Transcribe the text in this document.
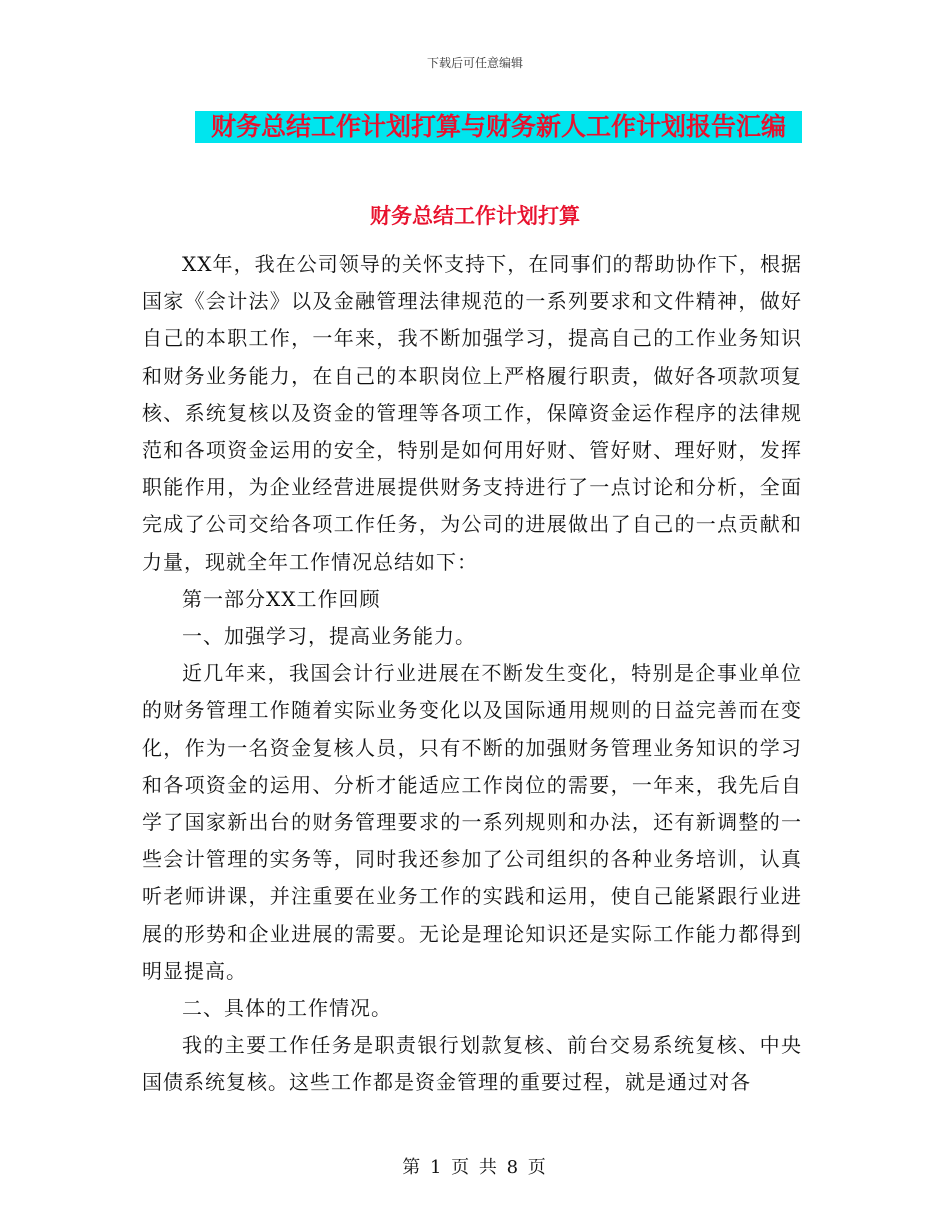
下载后可任意编辑
财务总结工作计划打算与财务新人工作计划报告汇编
财务总结工作计划打算

XX年，我在公司领导的关怀支持下，在同事们的帮助协作下，根据国家《会计法》以及金融管理法律规范的一系列要求和文件精神，做好自己的本职工作，一年来，我不断加强学习，提高自己的工作业务知识和财务业务能力，在自己的本职岗位上严格履行职责，做好各项款项复核、系统复核以及资金的管理等各项工作，保障资金运作程序的法律规范和各项资金运用的安全，特别是如何用好财、管好财、理好财，发挥职能作用，为企业经营进展提供财务支持进行了一点讨论和分析，全面完成了公司交给各项工作任务，为公司的进展做出了自己的一点贡献和力量，现就全年工作情况总结如下：

第一部分XX工作回顾

一、加强学习，提高业务能力。

近几年来，我国会计行业进展在不断发生变化，特别是企事业单位的财务管理工作随着实际业务变化以及国际通用规则的日益完善而在变化，作为一名资金复核人员，只有不断的加强财务管理业务知识的学习和各项资金的运用、分析才能适应工作岗位的需要，一年来，我先后自学了国家新出台的财务管理要求的一系列规则和办法，还有新调整的一些会计管理的实务等，同时我还参加了公司组织的各种业务培训，认真听老师讲课，并注重要在业务工作的实践和运用，使自己能紧跟行业进展的形势和企业进展的需要。无论是理论知识还是实际工作能力都得到明显提高。

二、具体的工作情况。

我的主要工作任务是职责银行划款复核、前台交易系统复核、中央国债系统复核。这些工作都是资金管理的重要过程，就是通过对各

第 1 页 共 8 页
